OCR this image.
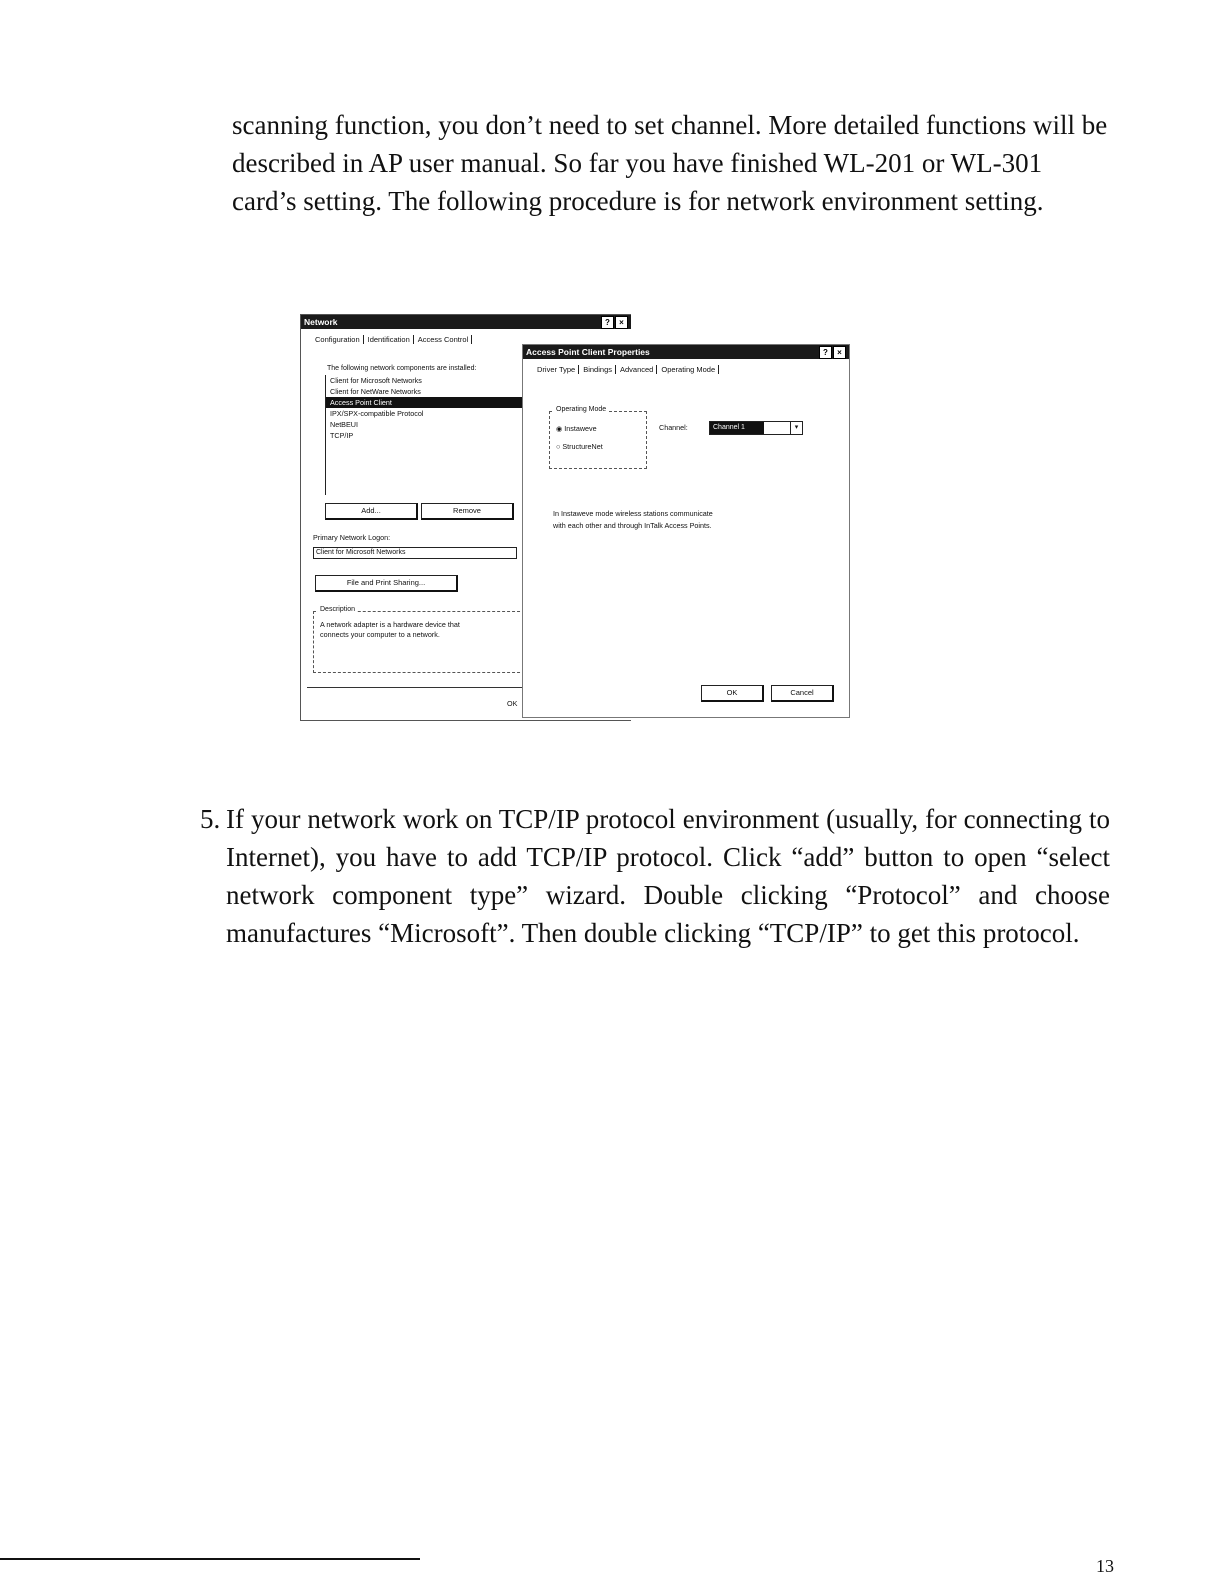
scanning function, you don’t need to set channel. More detailed functions will be described in AP user manual. So far you have finished WL-201 or WL-301 card’s setting. The following procedure is for network environment setting.

Network	?	×
Configuration	Identification	Access Control
The following network components are installed:
Client for Microsoft Networks
Client for NetWare Networks
Access Point Client
IPX/SPX-compatible Protocol
NetBEUI
TCP/IP
Add...	Remove
Primary Network Logon:
Client for Microsoft Networks
File and Print Sharing...
Description
A network adapter is a hardware device that
connects your computer to a network.
OK
Access Point Client Properties	?	×
Driver Type	Bindings	Advanced	Operating Mode
Operating Mode
◉ Instaweve
○ StructureNet
Channel:	Channel 1	▾
In Instaweve mode wireless stations communicate
with each other and through InTalk Access Points.
OK	Cancel
5. If your network work on TCP/IP protocol environment (usually, for connecting to Internet), you have to add TCP/IP protocol. Click “add” button to open “select network component type” wizard. Double clicking “Protocol” and choose manufactures “Microsoft”. Then double clicking “TCP/IP” to get this protocol.
13
